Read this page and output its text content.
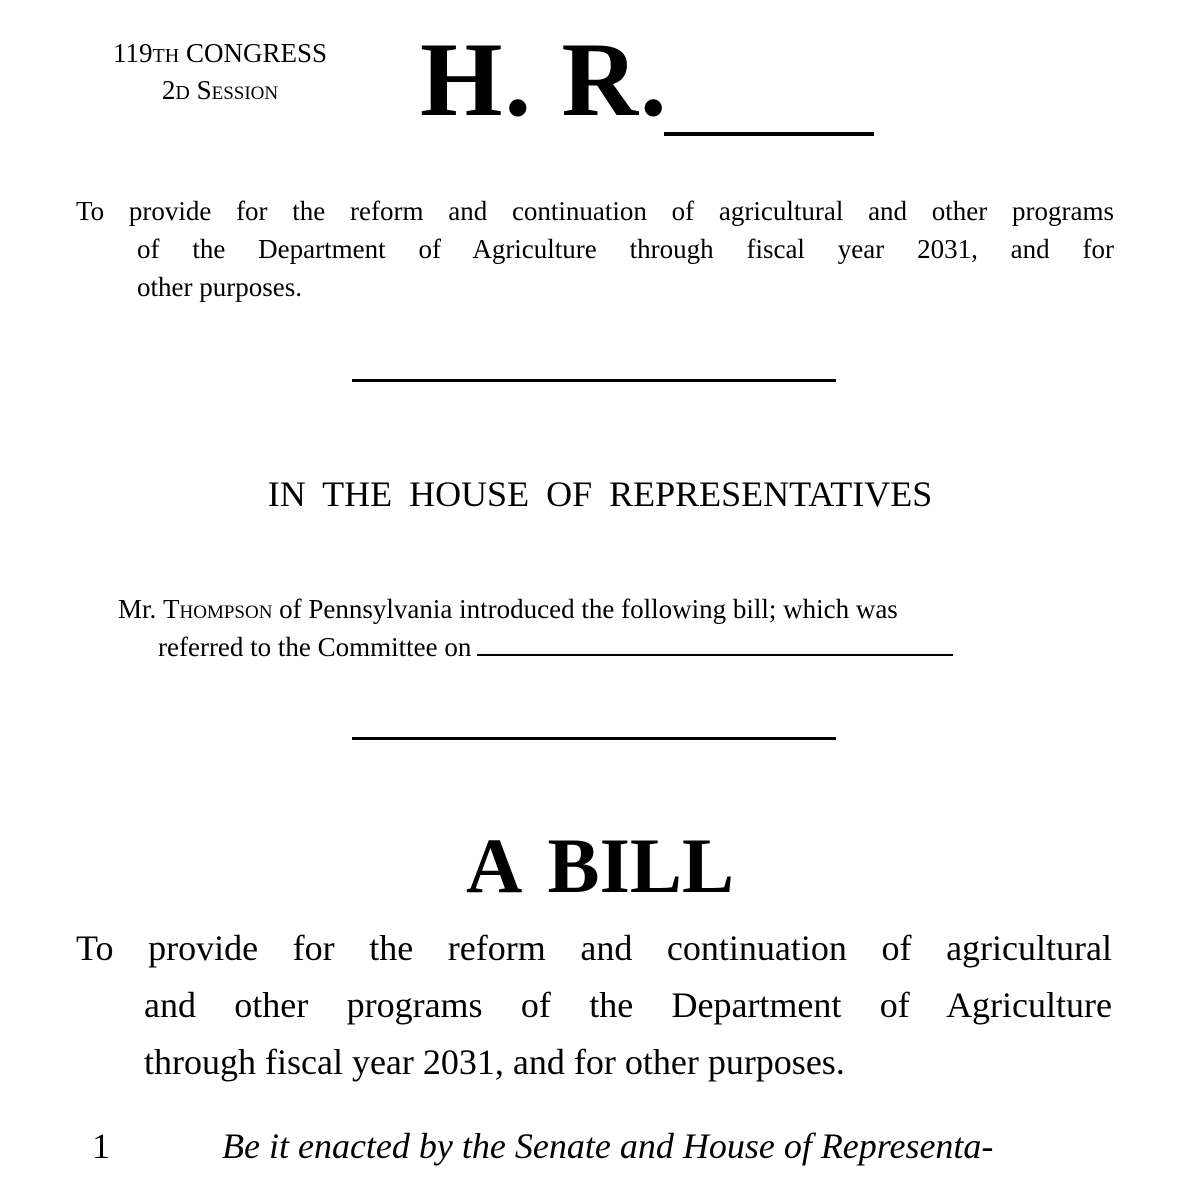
119TH CONGRESS
2D Session	H. R.
To provide for the reform and continuation of agricultural and other programs
of the Department of Agriculture through fiscal year 2031, and for
other purposes.
IN THE HOUSE OF REPRESENTATIVES
Mr. Thompson of Pennsylvania introduced the following bill; which was
referred to the Committee on
A BILL
To provide for the reform and continuation of agricultural
and other programs of the Department of Agriculture
through fiscal year 2031, and for other purposes.
1	Be it enacted by the Senate and House of Representa-
